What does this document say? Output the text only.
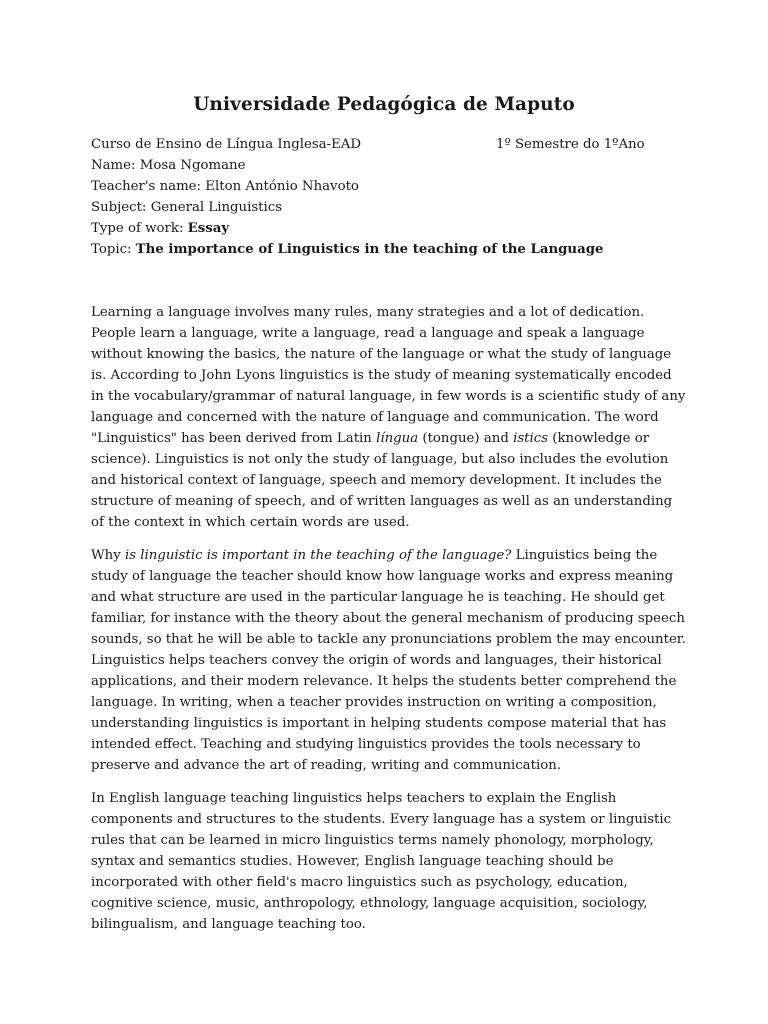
Universidade Pedagógica de Maputo
Curso de Ensino de Língua Inglesa-EAD	1º Semestre do 1ºAno
Name: Mosa Ngomane
Teacher's name: Elton António Nhavoto
Subject: General Linguistics
Type of work: Essay
Topic: The importance of Linguistics in the teaching of the Language

Learning a language involves many rules, many strategies and a lot of dedication. People learn a language, write a language, read a language and speak a language without knowing the basics, the nature of the language or what the study of language is. According to John Lyons linguistics is the study of meaning systematically encoded in the vocabulary/grammar of natural language, in few words is a scientific study of any language and concerned with the nature of language and communication. The word "Linguistics" has been derived from Latin língua (tongue) and istics (knowledge or science). Linguistics is not only the study of language, but also includes the evolution and historical context of language, speech and memory development. It includes the structure of meaning of speech, and of written languages as well as an understanding of the context in which certain words are used.

Why is linguistic is important in the teaching of the language? Linguistics being the study of language the teacher should know how language works and express meaning and what structure are used in the particular language he is teaching. He should get familiar, for instance with the theory about the general mechanism of producing speech sounds, so that he will be able to tackle any pronunciations problem the may encounter. Linguistics helps teachers convey the origin of words and languages, their historical applications, and their modern relevance. It helps the students better comprehend the language. In writing, when a teacher provides instruction on writing a composition, understanding linguistics is important in helping students compose material that has intended effect. Teaching and studying linguistics provides the tools necessary to preserve and advance the art of reading, writing and communication.

In English language teaching linguistics helps teachers to explain the English components and structures to the students. Every language has a system or linguistic rules that can be learned in micro linguistics terms namely phonology, morphology, syntax and semantics studies. However, English language teaching should be incorporated with other field's macro linguistics such as psychology, education, cognitive science, music, anthropology, ethnology, language acquisition, sociology, bilingualism, and language teaching too.
